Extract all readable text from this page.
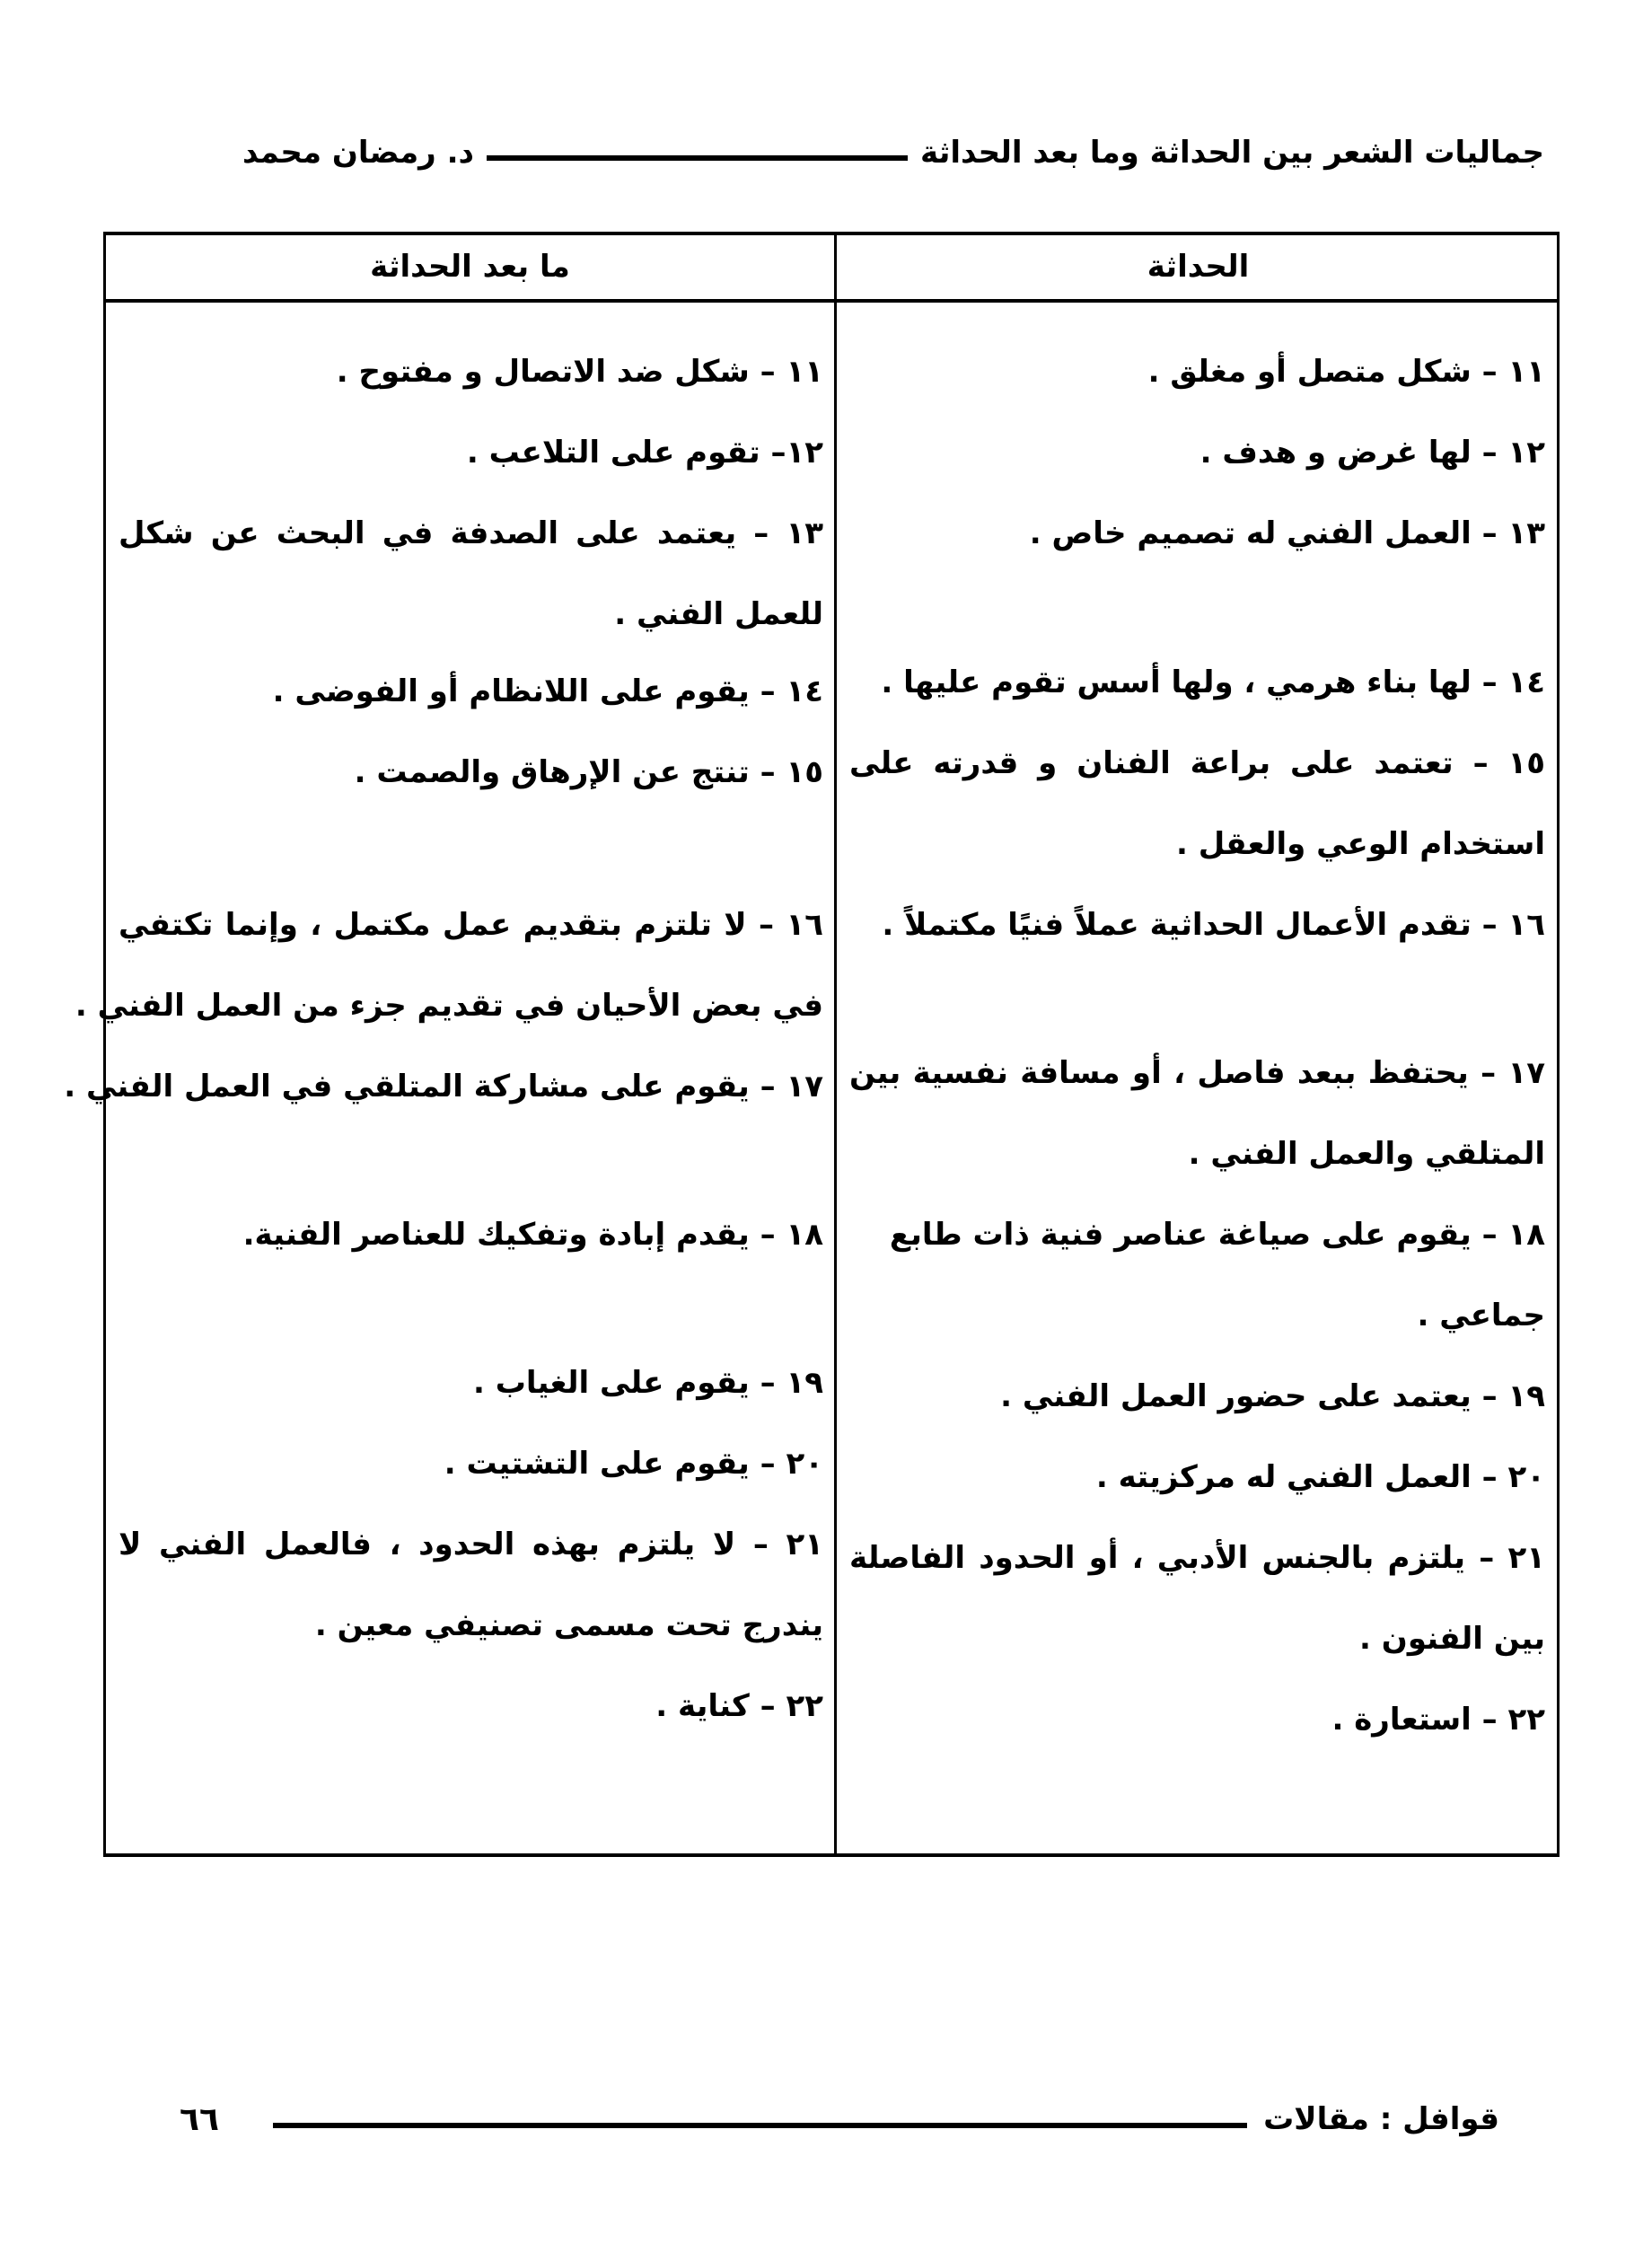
جماليات الشعر بين الحداثة وما بعد الحداثة
د. رمضان محمد
الحداثة
ما بعد الحداثة
١١ – شكل متصل أو مغلق .
١٢ – لها غرض و هدف .
١٣ – العمل الفني له تصميم خاص .
١٤ – لها بناء هرمي ، ولها أسس تقوم عليها .
١٥ – تعتمد على براعة الفنان و قدرته على
استخدام الوعي والعقل .
١٦ – تقدم الأعمال الحداثية عملاً فنيًا مكتملاً .
١٧ – يحتفظ ببعد فاصل ، أو مسافة نفسية بين
المتلقي والعمل الفني .
١٨ – يقوم على صياغة عناصر فنية ذات طابع
جماعي .
١٩ – يعتمد على حضور العمل الفني .
٢٠ – العمل الفني له مركزيته .
٢١ – يلتزم بالجنس الأدبي ، أو الحدود الفاصلة
بين الفنون .
٢٢ – استعارة .
١١ – شكل ضد الاتصال و مفتوح .
١٢– تقوم على التلاعب .
١٣ – يعتمد على الصدفة في البحث عن شكل
للعمل الفني .
١٤ – يقوم على اللانظام أو الفوضى .
١٥ – تنتج عن الإرهاق والصمت .
١٦ – لا تلتزم بتقديم عمل مكتمل ، وإنما تكتفي
في بعض الأحيان في تقديم جزء من العمل الفني .
١٧ – يقوم على مشاركة المتلقي في العمل الفني .
١٨ – يقدم إبادة وتفكيك للعناصر الفنية.
١٩ – يقوم على الغياب .
٢٠ – يقوم على التشتيت .
٢١ – لا يلتزم بهذه الحدود ، فالعمل الفني لا
يندرج تحت مسمى تصنيفي معين .
٢٢ – كناية .
قوافل : مقالات
٦٦
